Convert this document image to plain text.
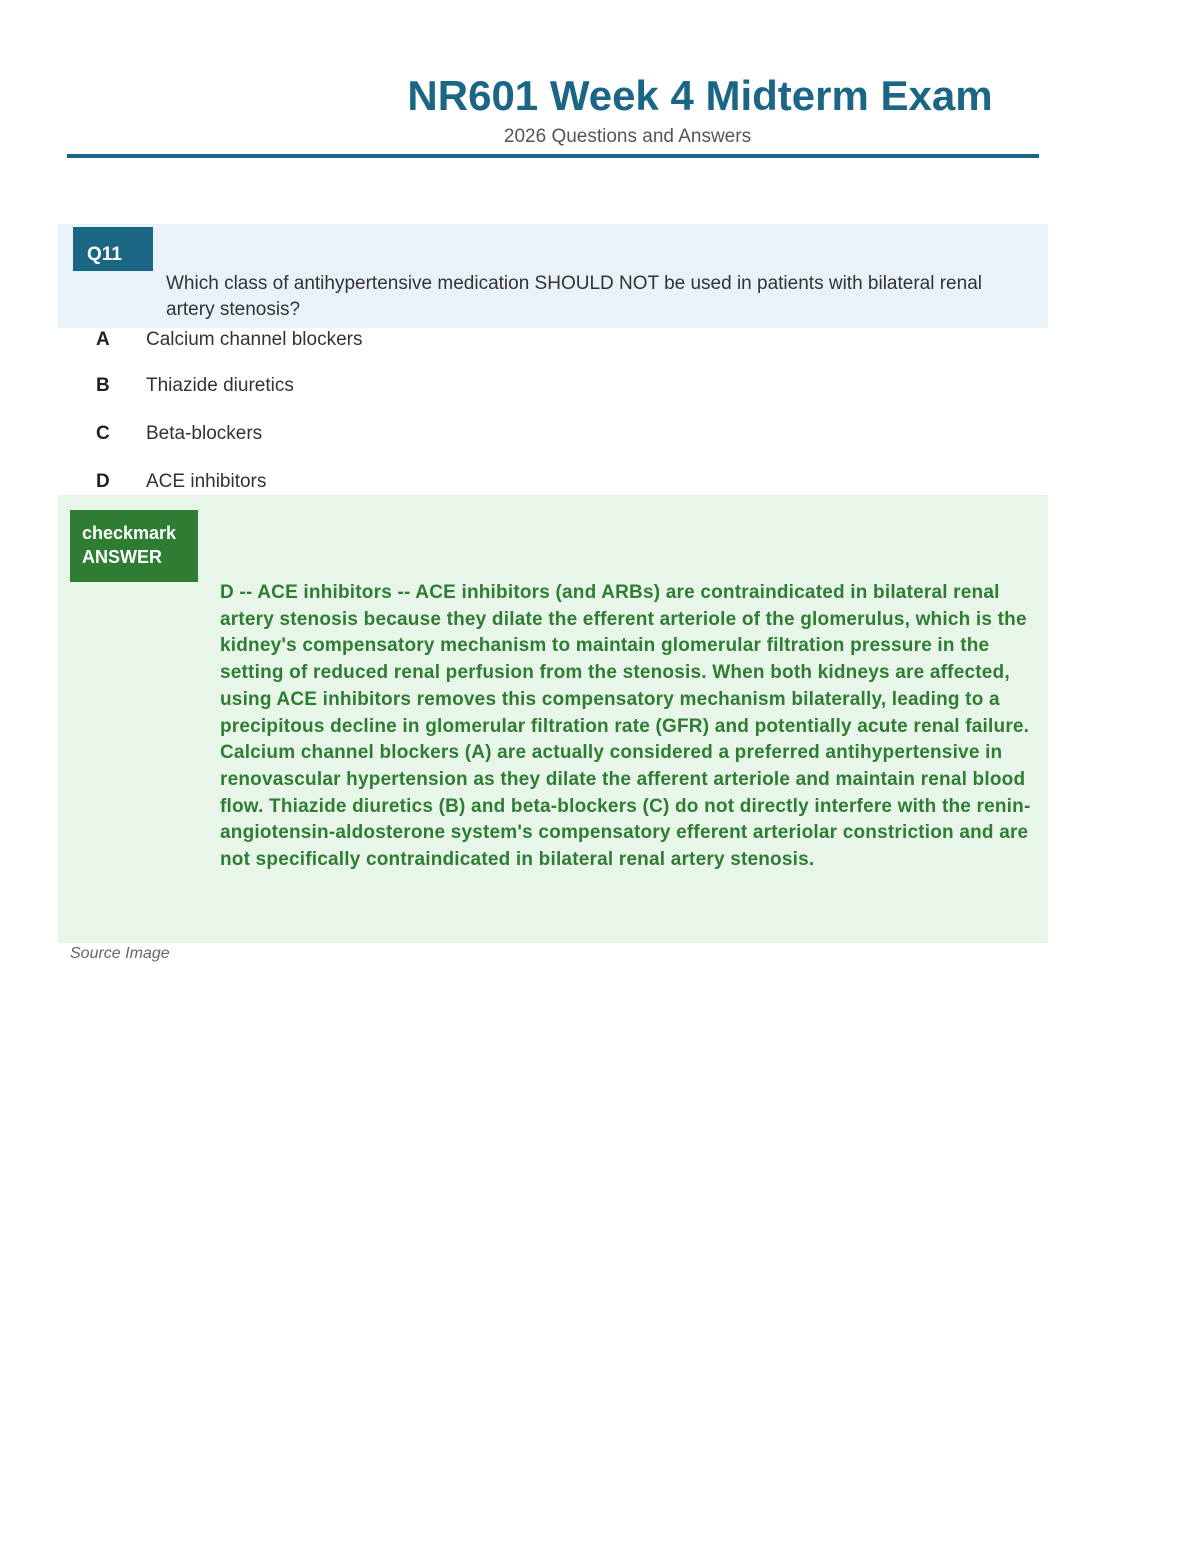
NR601 Week 4 Midterm Exam
2026 Questions and Answers
Q11
Which class of antihypertensive medication SHOULD NOT be used in patients with bilateral renal artery stenosis?
A Calcium channel blockers
B Thiazide diuretics
C Beta-blockers
D ACE inhibitors
checkmark
ANSWER
D -- ACE inhibitors -- ACE inhibitors (and ARBs) are contraindicated in bilateral renal artery stenosis because they dilate the efferent arteriole of the glomerulus, which is the kidney's compensatory mechanism to maintain glomerular filtration pressure in the setting of reduced renal perfusion from the stenosis. When both kidneys are affected, using ACE inhibitors removes this compensatory mechanism bilaterally, leading to a precipitous decline in glomerular filtration rate (GFR) and potentially acute renal failure. Calcium channel blockers (A) are actually considered a preferred antihypertensive in renovascular hypertension as they dilate the afferent arteriole and maintain renal blood flow. Thiazide diuretics (B) and beta-blockers (C) do not directly interfere with the renin-angiotensin-aldosterone system's compensatory efferent arteriolar constriction and are not specifically contraindicated in bilateral renal artery stenosis.
Source Image
